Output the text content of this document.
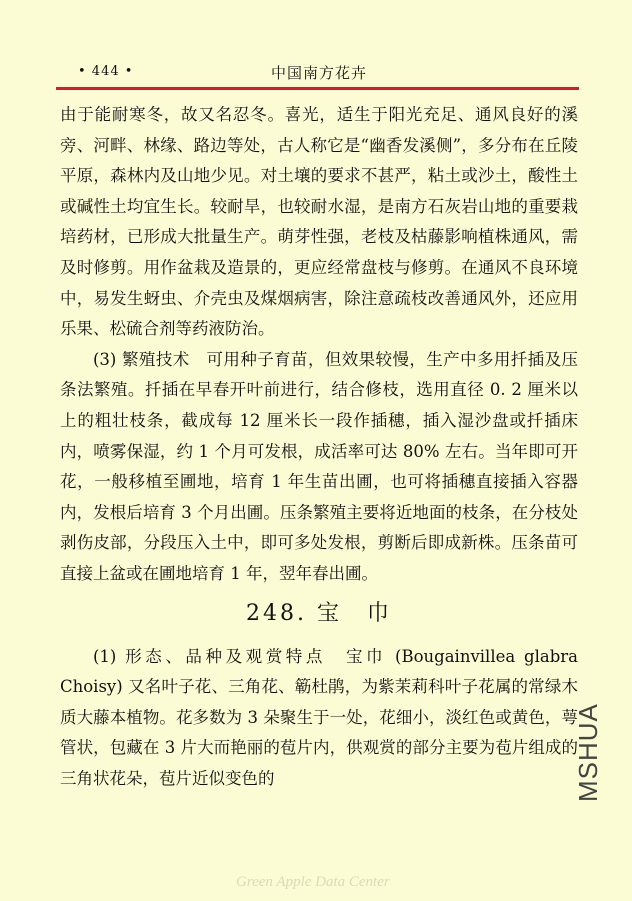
• 444 •	中国南方花卉

由于能耐寒冬，故又名忍冬。喜光，适生于阳光充足、通风良好的溪旁、河畔、林缘、路边等处，古人称它是“幽香发溪侧”，多分布在丘陵平原，森林内及山地少见。对土壤的要求不甚严，粘土或沙土，酸性土或碱性土均宜生长。较耐旱，也较耐水湿，是南方石灰岩山地的重要栽培药材，已形成大批量生产。萌芽性强，老枝及枯藤影响植株通风，需及时修剪。用作盆栽及造景的，更应经常盘枝与修剪。在通风不良环境中，易发生蚜虫、介壳虫及煤烟病害，除注意疏枝改善通风外，还应用乐果、松硫合剂等药液防治。

(3) 繁殖技术　可用种子育苗，但效果较慢，生产中多用扦插及压条法繁殖。扦插在早春开叶前进行，结合修枝，选用直径 0. 2 厘米以上的粗壮枝条，截成每 12 厘米长一段作插穗，插入湿沙盘或扦插床内，喷雾保湿，约 1 个月可发根，成活率可达 80% 左右。当年即可开花，一般移植至圃地，培育 1 年生苗出圃，也可将插穗直接插入容器内，发根后培育 3 个月出圃。压条繁殖主要将近地面的枝条，在分枝处剥伤皮部，分段压入土中，即可多处发根，剪断后即成新株。压条苗可直接上盆或在圃地培育 1 年，翌年春出圃。

248. 宝　巾

(1) 形态、品种及观赏特点　宝巾 (Bougainvillea glabra Choisy) 又名叶子花、三角花、簕杜鹃，为紫茉莉科叶子花属的常绿木质大藤本植物。花多数为 3 朵聚生于一处，花细小，淡红色或黄色，萼管状，包藏在 3 片大而艳丽的苞片内，供观赏的部分主要为苞片组成的三角状花朵，苞片近似变色的

Green Apple Data Center
MSHUA
